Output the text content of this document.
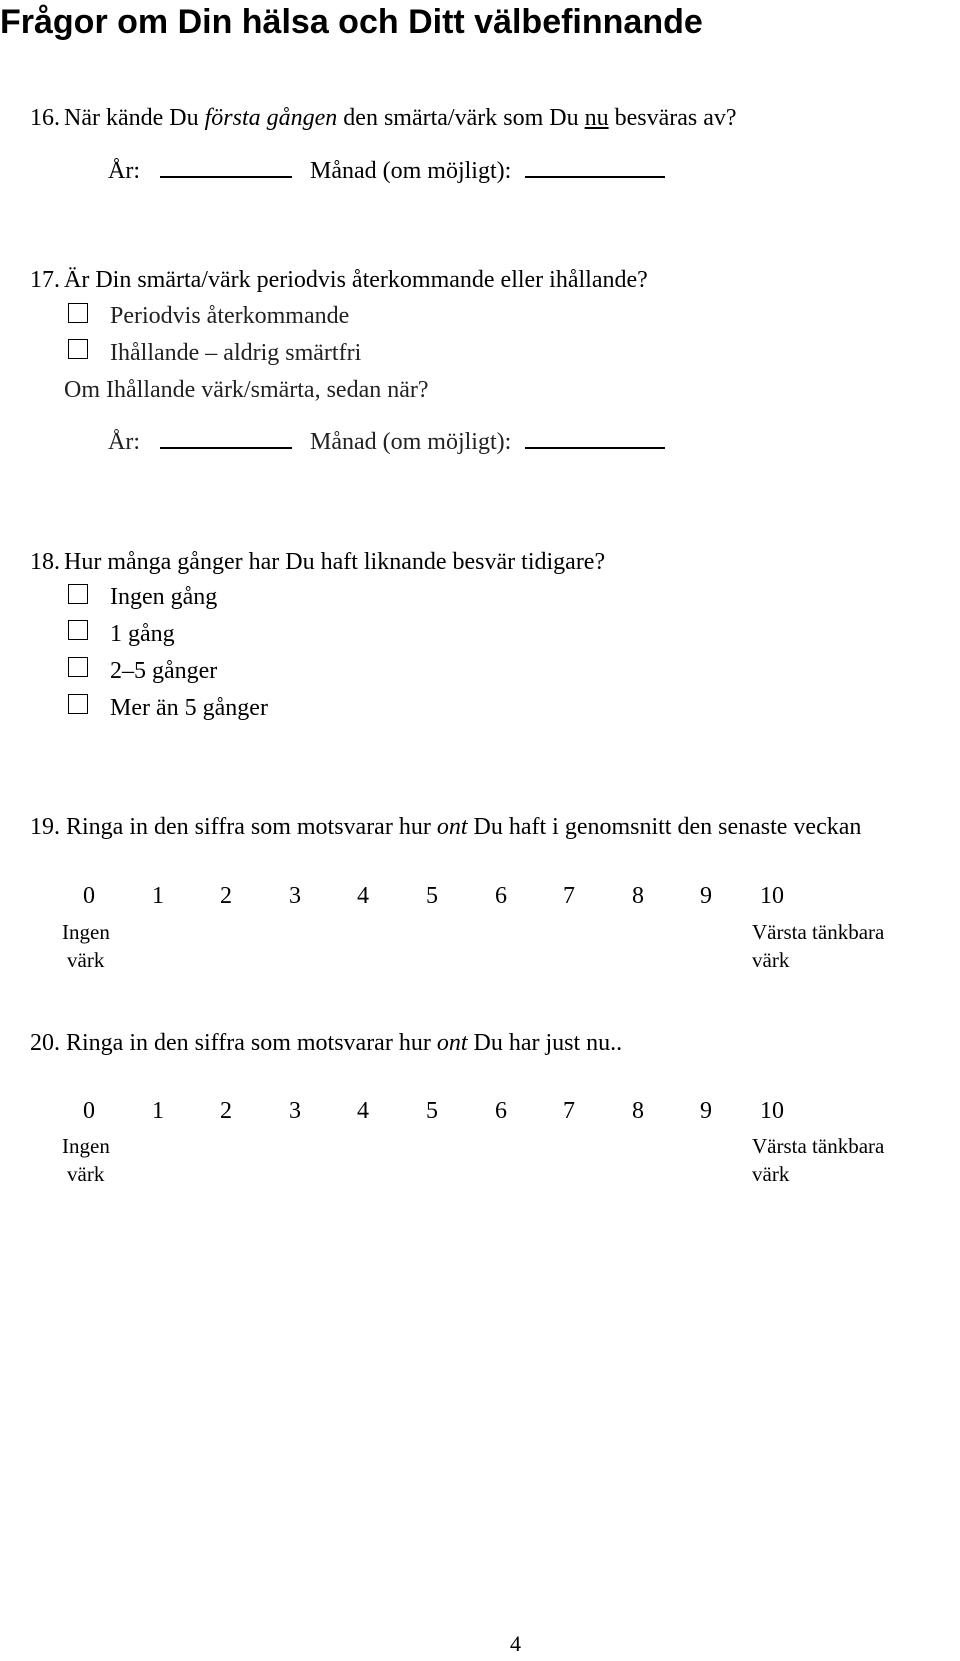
Frågor om Din hälsa och Ditt välbefinnande
16. När kände Du första gången den smärta/värk som Du nu besväras av?
År:	Månad (om möjligt):
17. Är Din smärta/värk periodvis återkommande eller ihållande?
Periodvis återkommande
Ihållande – aldrig smärtfri
Om Ihållande värk/smärta, sedan när?
År:	Månad (om möjligt):
18. Hur många gånger har Du haft liknande besvär tidigare?
Ingen gång
1 gång
2–5 gånger
Mer än 5 gånger
19. Ringa in den siffra som motsvarar hur ont Du haft i genomsnitt den senaste veckan
0	1	2	3	4	5	6	7	8	9	10
Ingen
värk
Värsta tänkbara
värk
20. Ringa in den siffra som motsvarar hur ont Du har just nu..
0	1	2	3	4	5	6	7	8	9	10
Ingen
värk
Värsta tänkbara
värk
4
